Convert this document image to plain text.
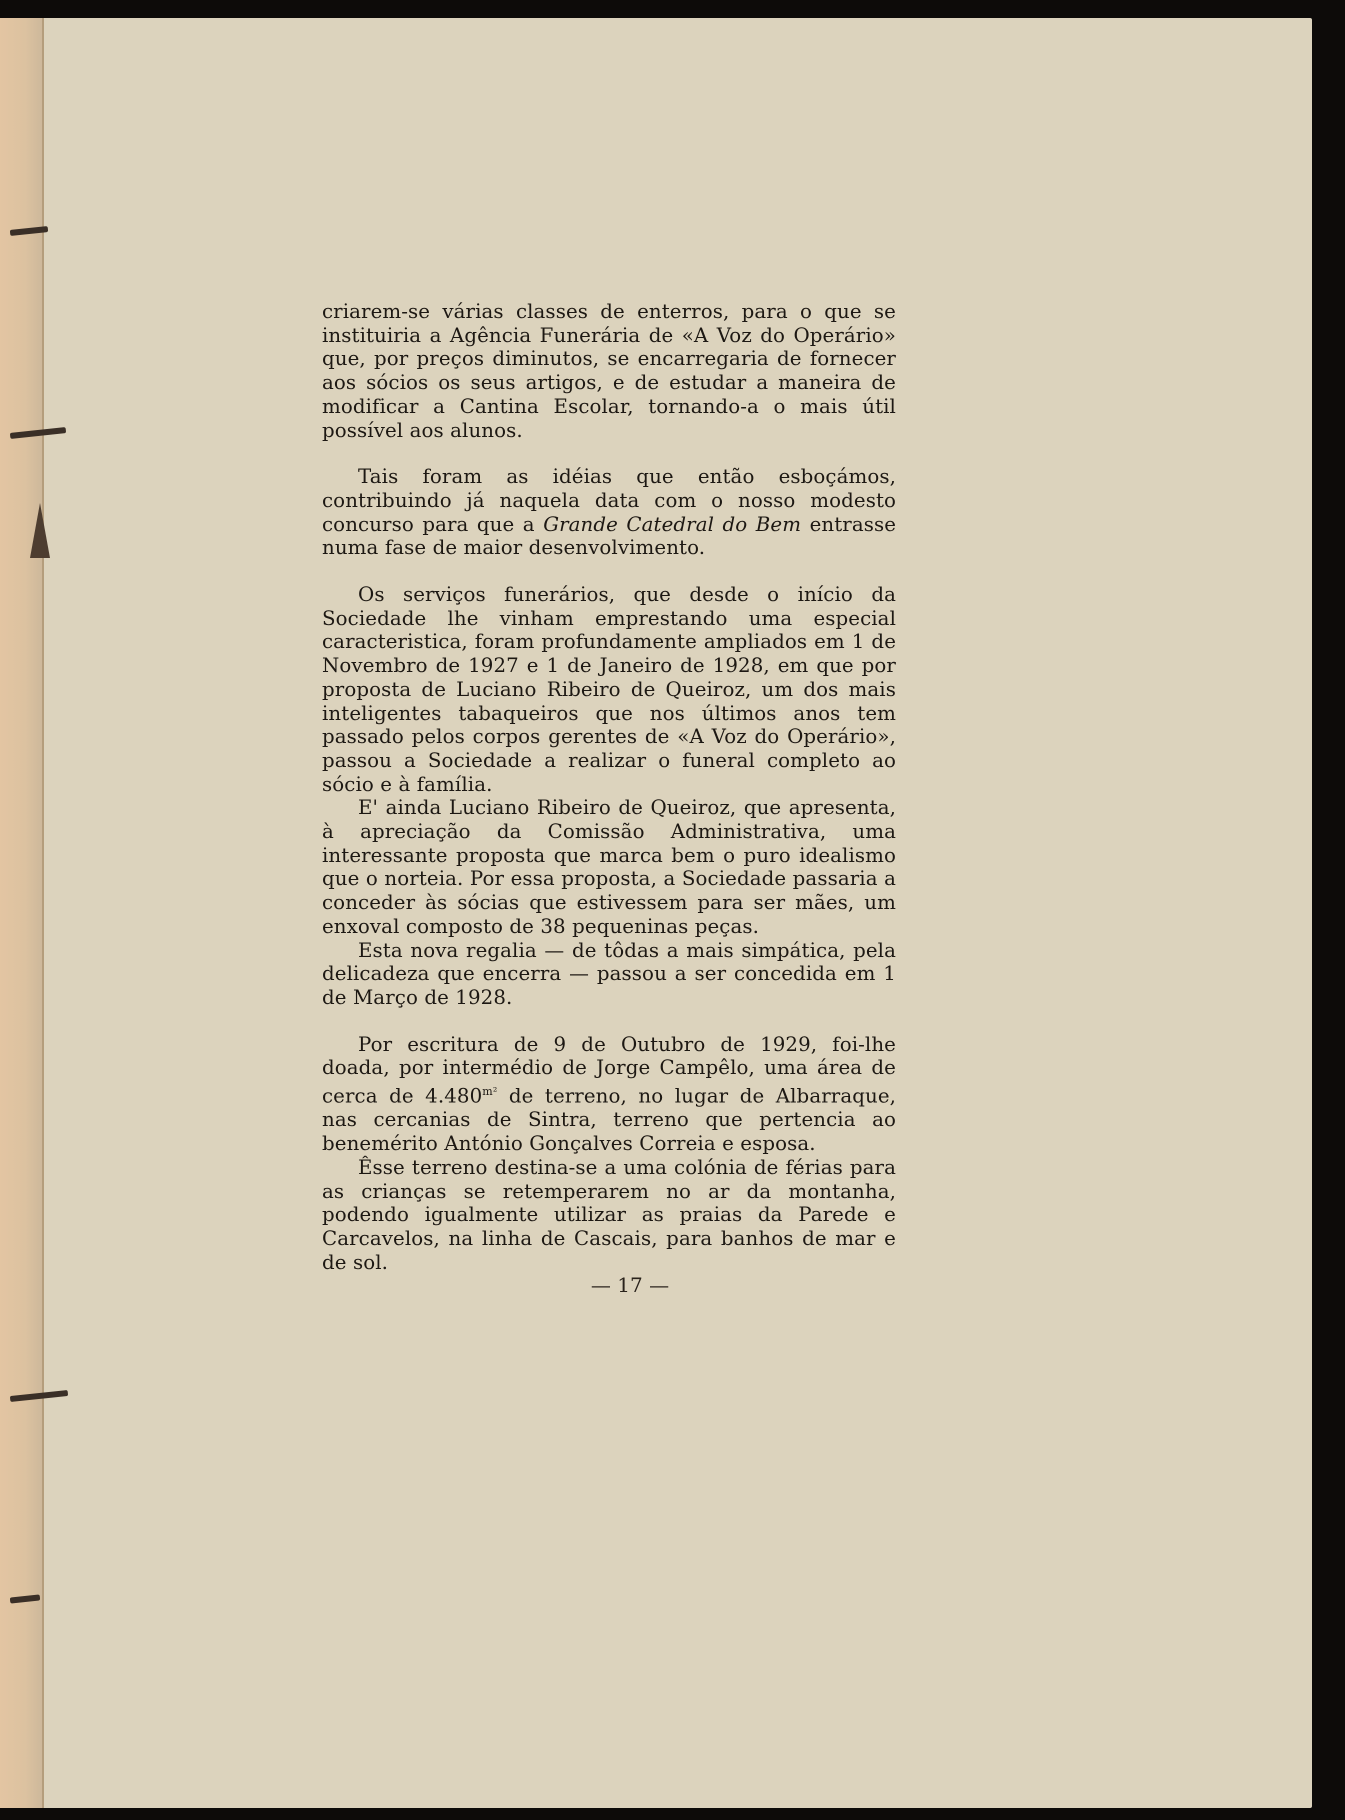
criarem-se várias classes de enterros, para o que se instituiria a Agência Funerária de «A Voz do Operário» que, por preços diminutos, se encarregaria de fornecer aos sócios os seus artigos, e de estudar a maneira de modificar a Cantina Escolar, tornando-a o mais útil possível aos alunos.

Tais foram as idéias que então esboçámos, contribuindo já naquela data com o nosso modesto concurso para que a Grande Catedral do Bem entrasse numa fase de maior desenvolvimento.

Os serviços funerários, que desde o início da Sociedade lhe vinham emprestando uma especial caracteristica, foram profundamente ampliados em 1 de Novembro de 1927 e 1 de Janeiro de 1928, em que por proposta de Luciano Ribeiro de Queiroz, um dos mais inteligentes tabaqueiros que nos últimos anos tem passado pelos corpos gerentes de «A Voz do Operário», passou a Sociedade a realizar o funeral completo ao sócio e à família.

E' ainda Luciano Ribeiro de Queiroz, que apresenta, à apreciação da Comissão Administrativa, uma interessante proposta que marca bem o puro idealismo que o norteia. Por essa proposta, a Sociedade passaria a conceder às sócias que estivessem para ser mães, um enxoval composto de 38 pequeninas peças.

Esta nova regalia — de tôdas a mais simpática, pela delicadeza que encerra — passou a ser concedida em 1 de Março de 1928.

Por escritura de 9 de Outubro de 1929, foi-lhe doada, por intermédio de Jorge Campêlo, uma área de cerca de $4.480^{m^2}$ de terreno, no lugar de Albarraque, nas cercanias de Sintra, terreno que pertencia ao benemérito António Gonçalves Correia e esposa.

Êsse terreno destina-se a uma colónia de férias para as crianças se retemperarem no ar da montanha, podendo igualmente utilizar as praias da Parede e Carcavelos, na linha de Cascais, para banhos de mar e de sol.

— 17 —
